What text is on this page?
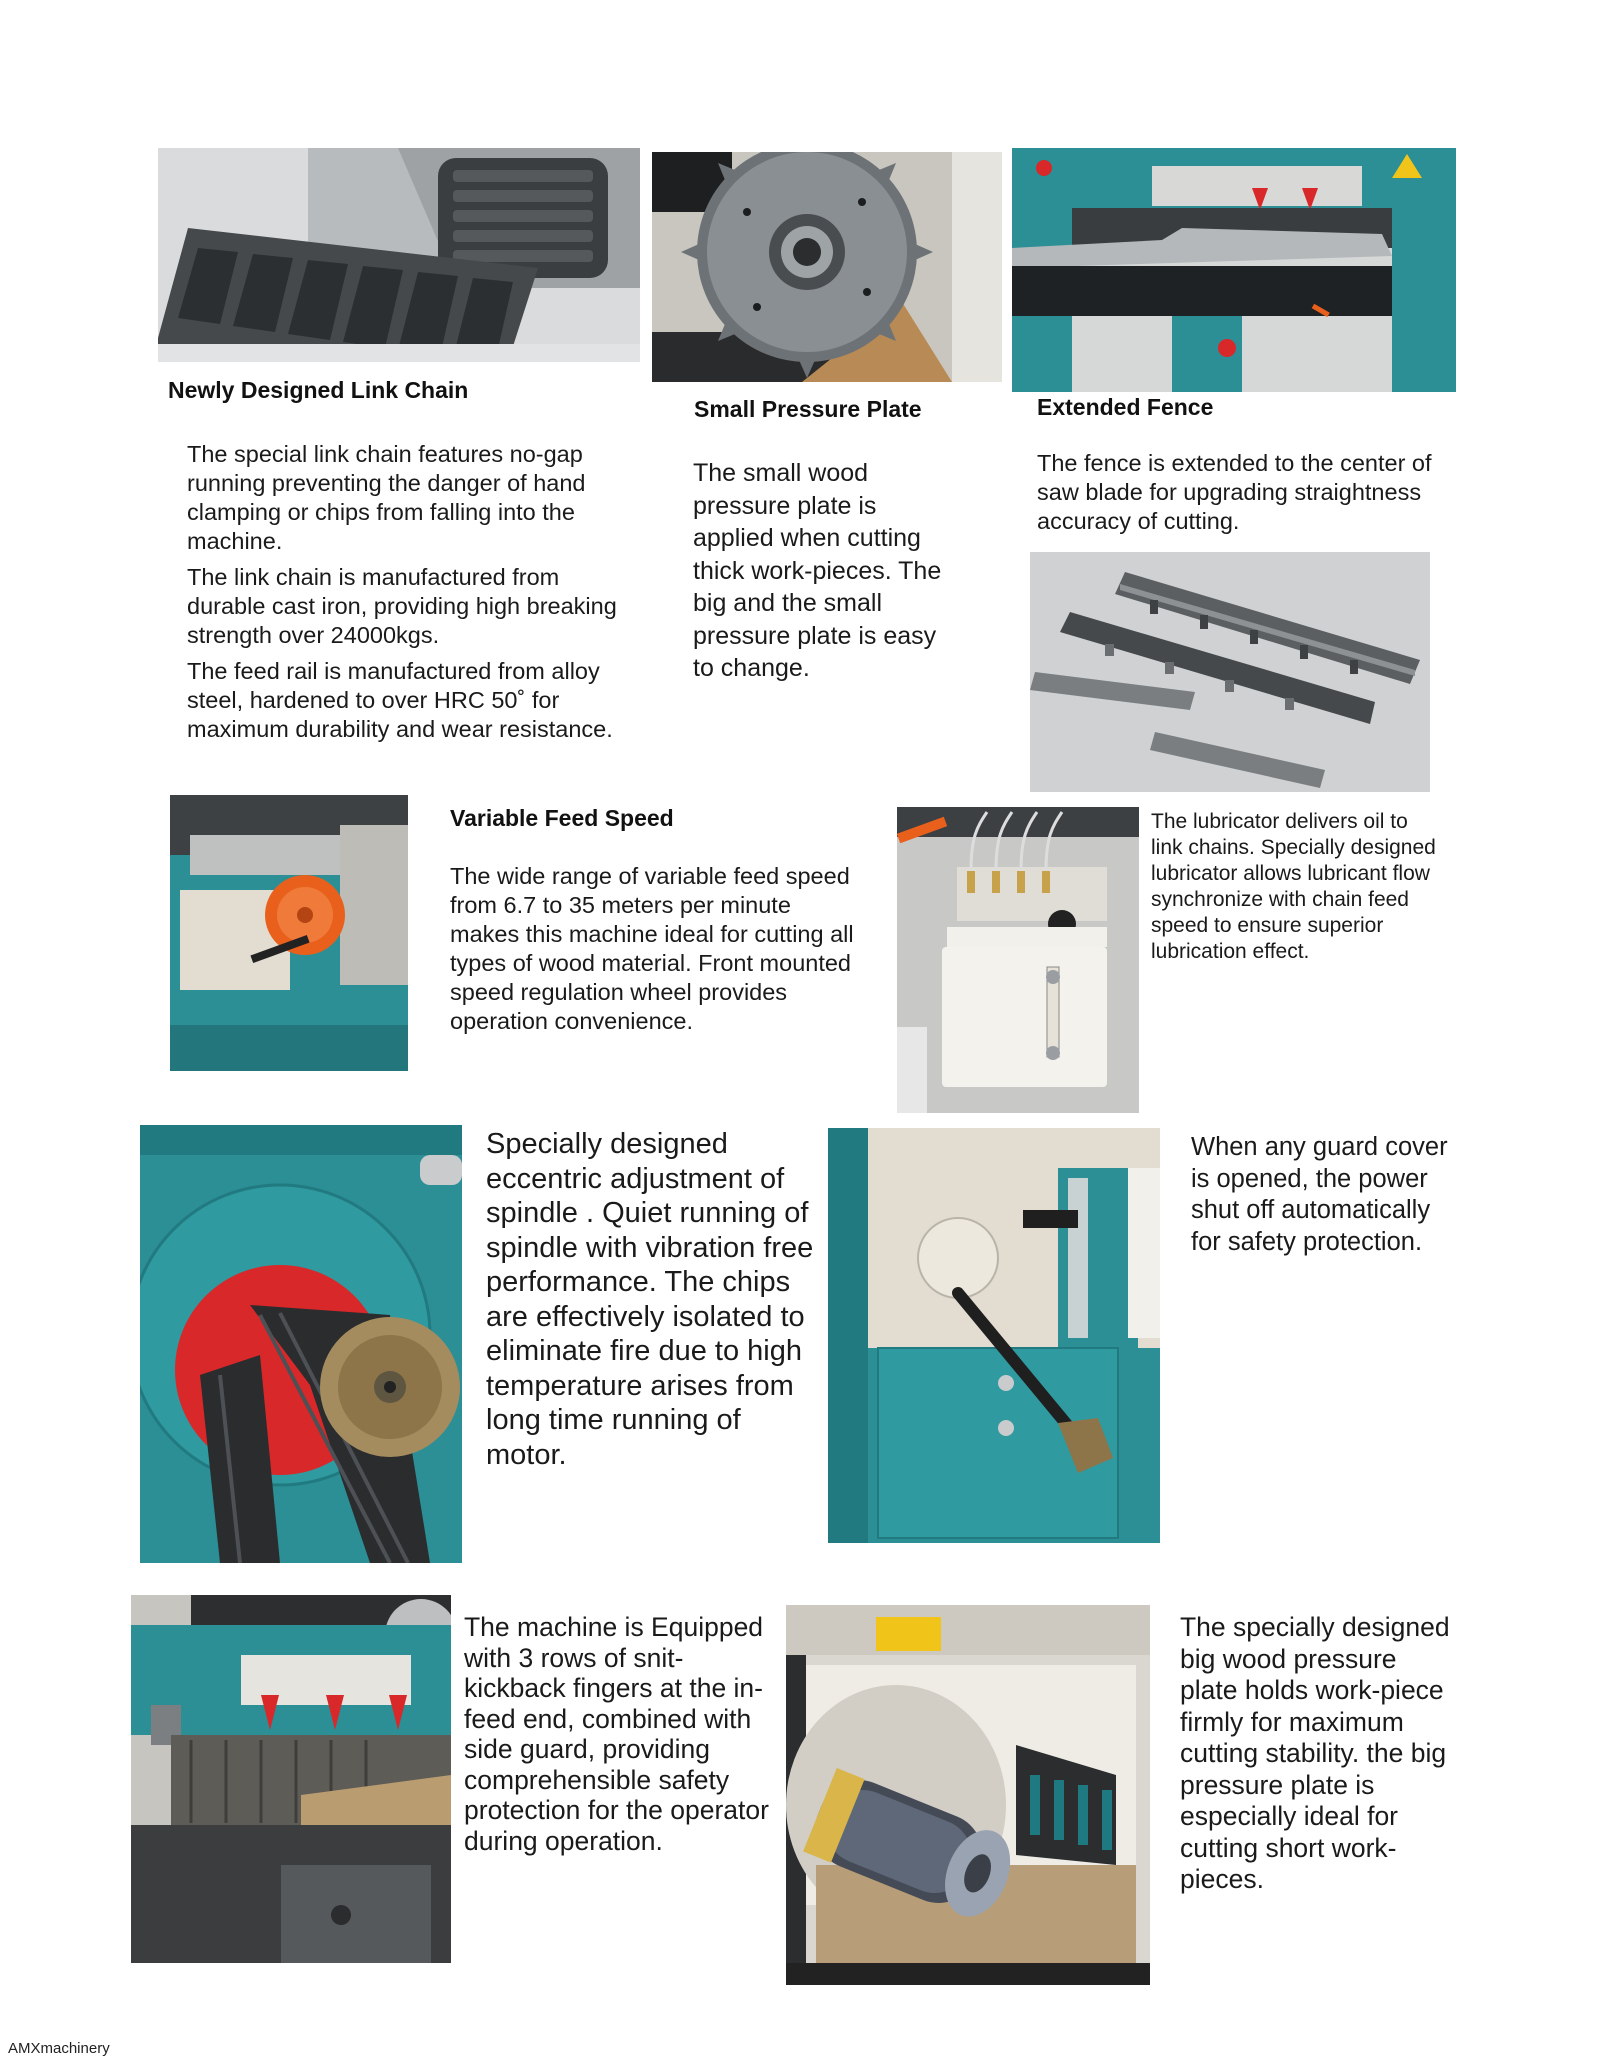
Newly Designed Link Chain

The special link chain features no-gap running preventing the danger of hand clamping or chips from falling into the machine.

The link chain is manufactured from durable cast iron, providing high breaking strength over 24000kgs.

The feed rail is manufactured from alloy steel, hardened to over HRC 50˚ for maximum durability and wear resistance.

Small Pressure Plate

The small wood pressure plate is applied when cutting thick work-pieces. The big and the small pressure plate is easy to change.

Extended Fence

The fence is extended to the center of saw blade for upgrading straightness accuracy of cutting.

Variable Feed Speed

The wide range of variable feed speed from 6.7 to 35 meters per minute makes this machine ideal for cutting all types of wood material. Front mounted speed regulation wheel provides operation convenience.

The lubricator delivers oil to link chains. Specially designed lubricator allows lubricant flow synchronize with chain feed speed to ensure superior lubrication effect.

Specially designed eccentric adjustment of spindle . Quiet running of spindle with vibration free performance. The chips are effectively isolated to eliminate fire due to high temperature arises from long time running of motor.

When any guard cover is opened, the power shut off automatically for safety protection.

The machine is Equipped with 3 rows of snit-kickback fingers at the in-feed end, combined with side guard, providing comprehensible safety protection for the operator during operation.

The specially designed big wood pressure plate holds work-piece firmly for maximum cutting stability. the big pressure plate is especially ideal for cutting short work-pieces.

AMXmachinery
